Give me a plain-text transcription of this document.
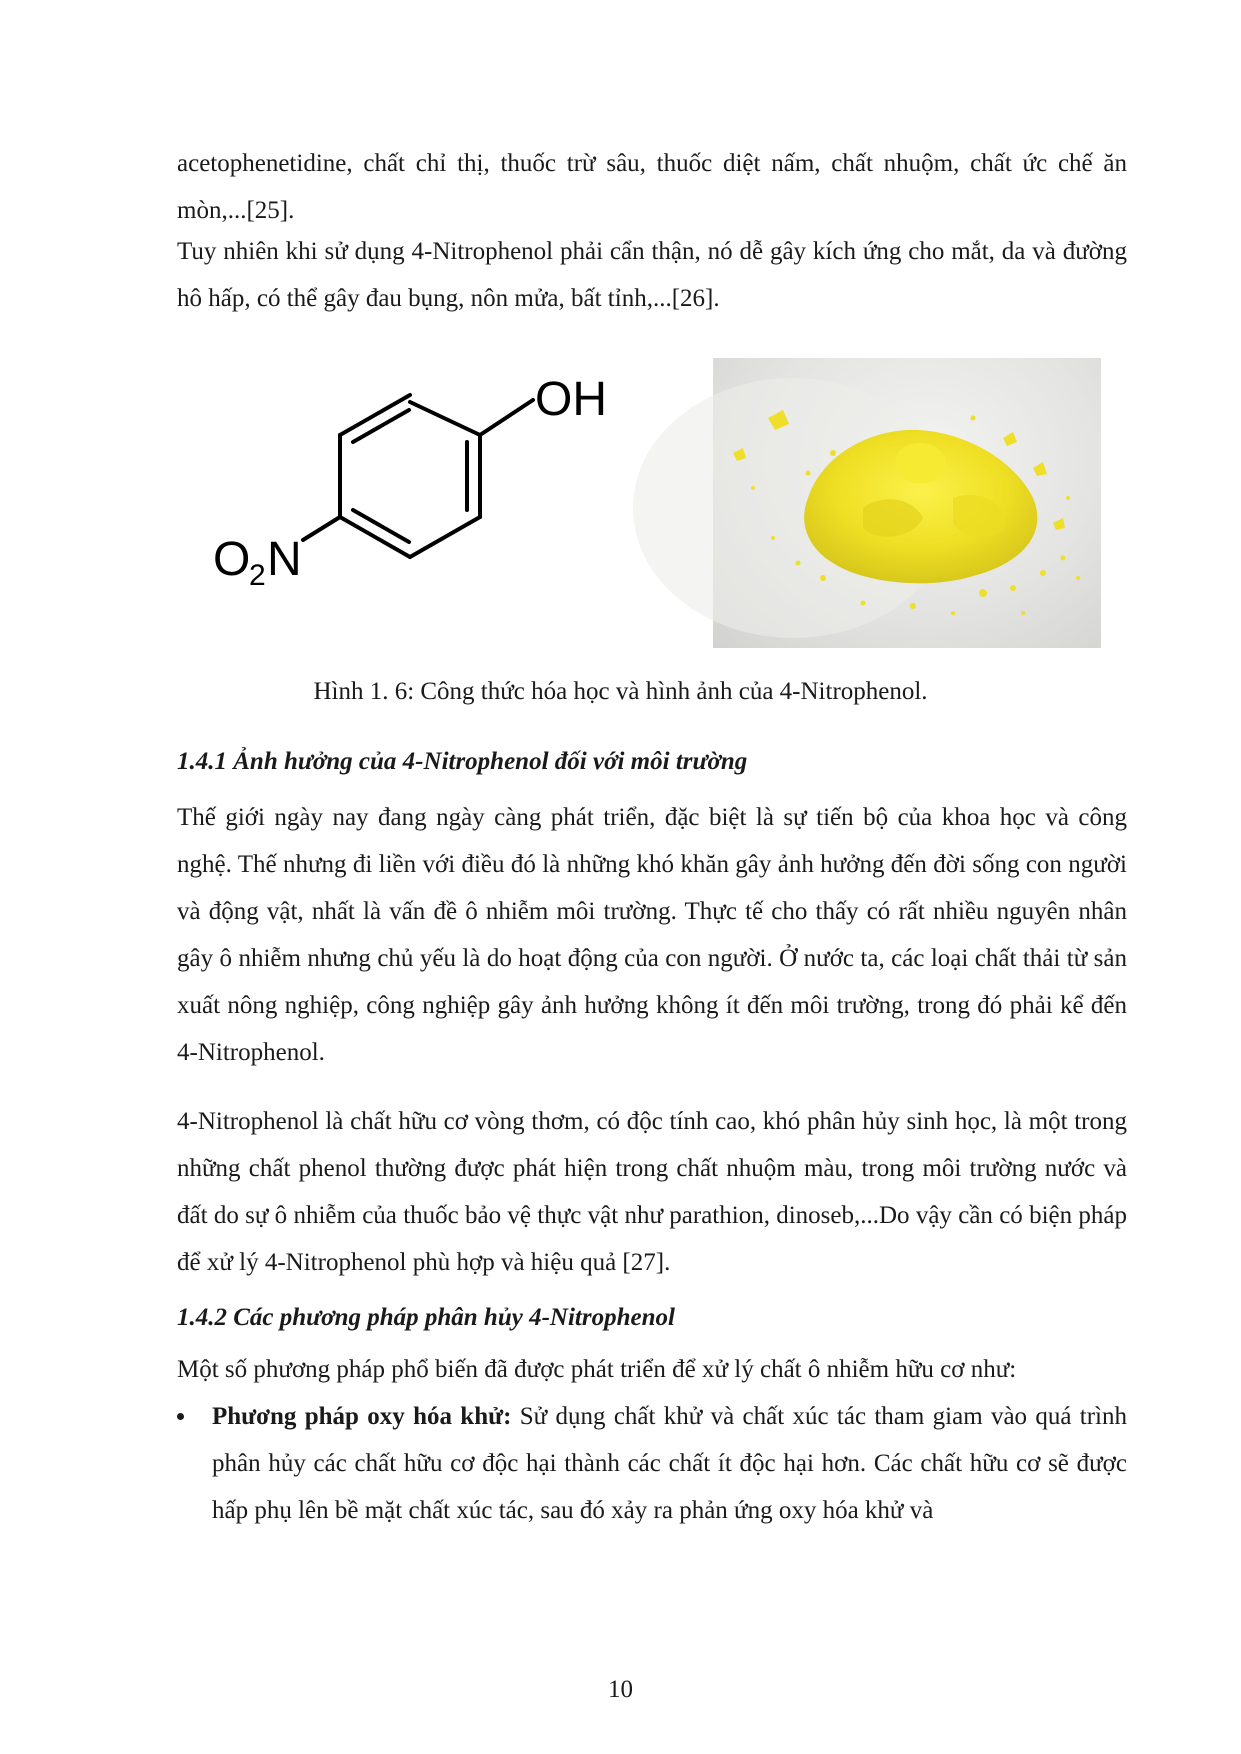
acetophenetidine, chất chỉ thị, thuốc trừ sâu, thuốc diệt nấm, chất nhuộm, chất ức chế ăn mòn,...[25].

Tuy nhiên khi sử dụng 4-Nitrophenol phải cẩn thận, nó dễ gây kích ứng cho mắt, da và đường hô hấp, có thể gây đau bụng, nôn mửa, bất tỉnh,...[26].

OH
O
2 N

Hình 1. 6: Công thức hóa học và hình ảnh của 4-Nitrophenol.

1.4.1 Ảnh hưởng của 4-Nitrophenol đối với môi trường

Thế giới ngày nay đang ngày càng phát triển, đặc biệt là sự tiến bộ của khoa học và công nghệ. Thế nhưng đi liền với điều đó là những khó khăn gây ảnh hưởng đến đời sống con người và động vật, nhất là vấn đề ô nhiễm môi trường. Thực tế cho thấy có rất nhiều nguyên nhân gây ô nhiễm nhưng chủ yếu là do hoạt động của con người. Ở nước ta, các loại chất thải từ sản xuất nông nghiệp, công nghiệp gây ảnh hưởng không ít đến môi trường, trong đó phải kể đến 4-Nitrophenol.

4-Nitrophenol là chất hữu cơ vòng thơm, có độc tính cao, khó phân hủy sinh học, là một trong những chất phenol thường được phát hiện trong chất nhuộm màu, trong môi trường nước và đất do sự ô nhiễm của thuốc bảo vệ thực vật như parathion, dinoseb,...Do vậy cần có biện pháp để xử lý 4-Nitrophenol phù hợp và hiệu quả [27].

1.4.2 Các phương pháp phân hủy 4-Nitrophenol

Một số phương pháp phổ biến đã được phát triển để xử lý chất ô nhiễm hữu cơ như:

Phương pháp oxy hóa khử: Sử dụng chất khử và chất xúc tác tham giam vào quá trình phân hủy các chất hữu cơ độc hại thành các chất ít độc hại hơn. Các chất hữu cơ sẽ được hấp phụ lên bề mặt chất xúc tác, sau đó xảy ra phản ứng oxy hóa khử và

10
